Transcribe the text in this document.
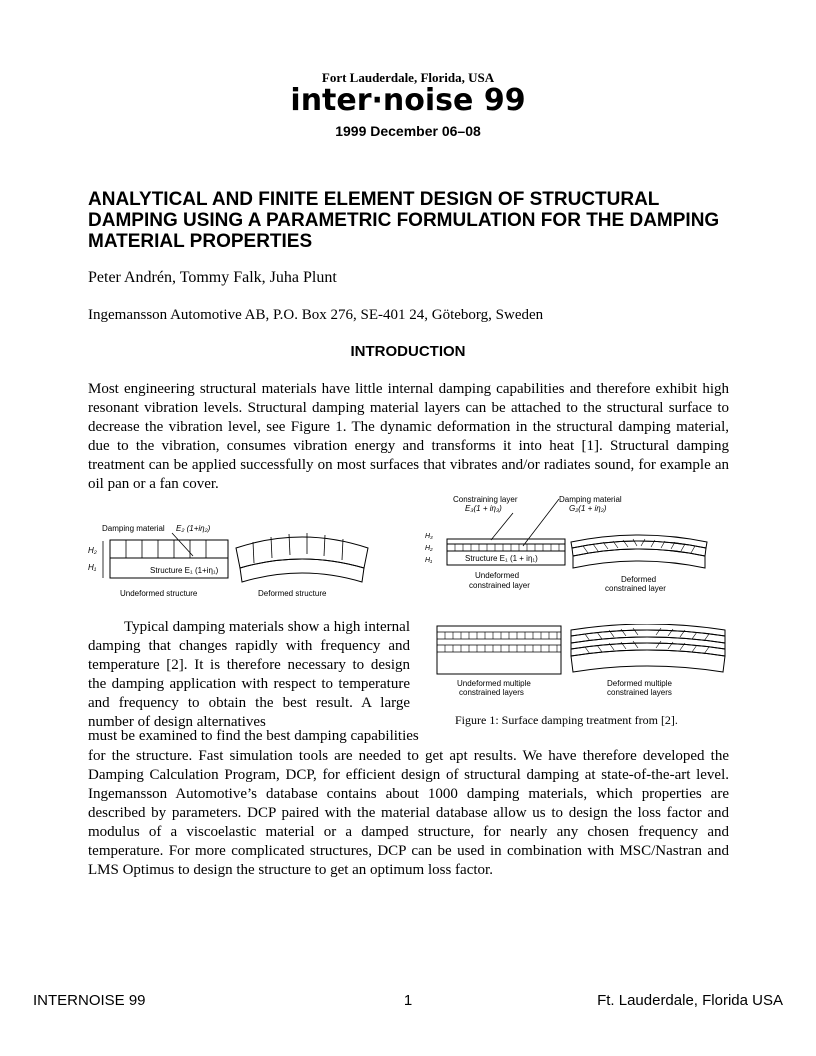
Fort Lauderdale, Florida, USA
inter·noise 99
1999 December 06–08
ANALYTICAL AND FINITE ELEMENT DESIGN OF STRUCTURAL DAMPING USING A PARAMETRIC FORMULATION FOR THE DAMPING MATERIAL PROPERTIES
Peter Andrén, Tommy Falk, Juha Plunt
Ingemansson Automotive AB, P.O. Box 276, SE-401 24, Göteborg, Sweden
INTRODUCTION
Most engineering structural materials have little internal damping capabilities and therefore exhibit high resonant vibration levels. Structural damping material layers can be attached to the structural surface to decrease the vibration level, see Figure 1. The dynamic deformation in the structural damping material, due to the vibration, consumes vibration energy and transforms it into heat [1]. Structural damping treatment can be applied successfully on most surfaces that vibrates and/or radiates sound, for example an oil pan or a fan cover.
Typical damping materials show a high internal damping that changes rapidly with frequency and temperature [2]. It is therefore necessary to design the damping application with respect to temperature and frequency to obtain the best result. A large number of design alternatives
must be examined to find the best damping capabilities
for the structure. Fast simulation tools are needed to get apt results. We have therefore developed the Damping Calculation Program, DCP, for efficient design of structural damping at state-of-the-art level. Ingemansson Automotive’s database contains about 1000 damping materials, which properties are described by parameters. DCP paired with the material database allow us to design the loss factor and modulus of a viscoelastic material or a damped structure, for nearly any chosen frequency and temperature. For more complicated structures, DCP can be used in combination with MSC/Nastran and LMS Optimus to design the structure to get an optimum loss factor.
Damping material E₂ (1+iη₂)
H₂
H₁	Structure E₁ (1+iη₁)
Undeformed structure	Deformed structure
Constraining layer
E₃(1 + iη₃)
Damping material
G₂(1 + iη₂)
H₃
H₂
H₁	Structure E₁ (1 + iη₁)
Undeformed
constrained layer
Deformed
constrained layer
Undeformed multiple
constrained layers
Deformed multiple
constrained layers
Figure 1: Surface damping treatment from [2].
INTERNOISE 99	1	Ft. Lauderdale, Florida USA
